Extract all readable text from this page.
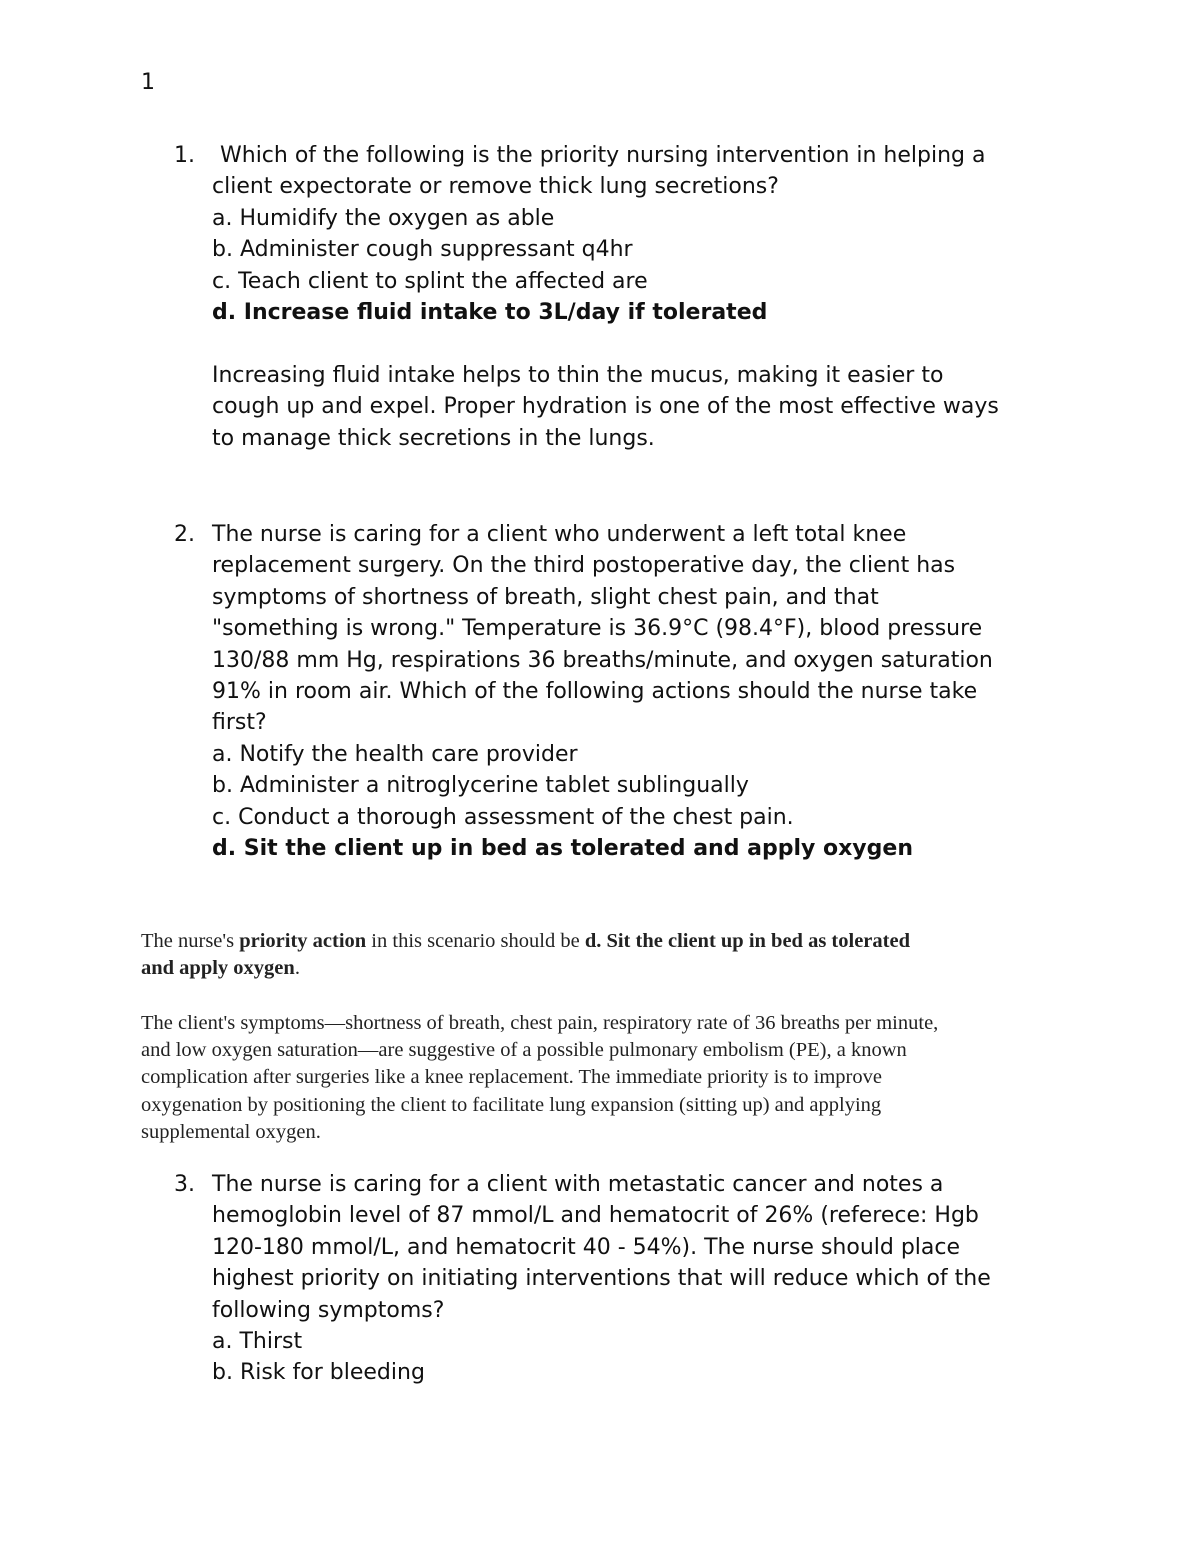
1
1. Which of the following is the priority nursing intervention in helping a
client expectorate or remove thick lung secretions?
a. Humidify the oxygen as able
b. Administer cough suppressant q4hr
c. Teach client to splint the affected are
d. Increase fluid intake to 3L/day if tolerated
Increasing fluid intake helps to thin the mucus, making it easier to
cough up and expel. Proper hydration is one of the most effective ways
to manage thick secretions in the lungs.
2. The nurse is caring for a client who underwent a left total knee
replacement surgery. On the third postoperative day, the client has
symptoms of shortness of breath, slight chest pain, and that
"something is wrong." Temperature is 36.9°C (98.4°F), blood pressure
130/88 mm Hg, respirations 36 breaths/minute, and oxygen saturation
91% in room air. Which of the following actions should the nurse take
first?
a. Notify the health care provider
b. Administer a nitroglycerine tablet sublingually
c. Conduct a thorough assessment of the chest pain.
d. Sit the client up in bed as tolerated and apply oxygen
The nurse's priority action in this scenario should be d. Sit the client up in bed as tolerated
and apply oxygen.
The client's symptoms—shortness of breath, chest pain, respiratory rate of 36 breaths per minute,
and low oxygen saturation—are suggestive of a possible pulmonary embolism (PE), a known
complication after surgeries like a knee replacement. The immediate priority is to improve
oxygenation by positioning the client to facilitate lung expansion (sitting up) and applying
supplemental oxygen.
3. The nurse is caring for a client with metastatic cancer and notes a
hemoglobin level of 87 mmol/L and hematocrit of 26% (referece: Hgb
120-180 mmol/L, and hematocrit 40 - 54%). The nurse should place
highest priority on initiating interventions that will reduce which of the
following symptoms?
a. Thirst
b. Risk for bleeding
